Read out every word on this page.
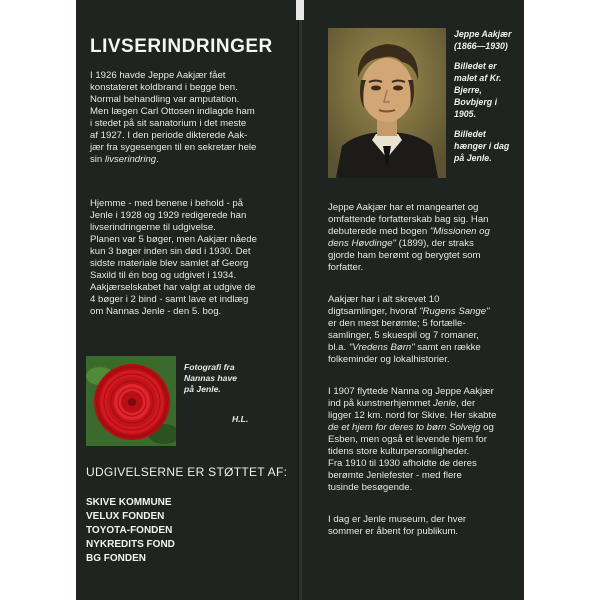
LIVSERINDRINGER
I 1926 havde Jeppe Aakjær fået
konstateret koldbrand i begge ben.
Normal behandling var amputation.
Men lægen Carl Ottosen indlagde ham
i stedet på sit sanatorium i det meste
af 1927. I den periode dikterede Aak-
jær fra sygesengen til en sekretær hele
sin livserindring.
Hjemme - med benene i behold - på
Jenle i 1928 og 1929 redigerede han
livserindringerne til udgivelse.
Planen var 5 bøger, men Aakjær nåede
kun 3 bøger inden sin død i 1930. Det
sidste materiale blev samlet af Georg
Saxild til én bog og udgivet i 1934.
Aakjærselskabet har valgt at udgive de
4 bøger i 2 bind - samt lave et indlæg
om Nannas Jenle - den 5. bog.
Fotografi fra
Nannas have
på Jenle.
H.L.
UDGIVELSERNE ER STØTTET AF:
SKIVE KOMMUNE
VELUX FONDEN
TOYOTA-FONDEN
NYKREDITS FOND
BG FONDEN
Jeppe Aakjær
(1866—1930)
Billedet er
malet af Kr.
Bjerre,
Bovbjerg i
1905.
Billedet
hænger i dag
på Jenle.
Jeppe Aakjær har et mangeartet og
omfattende forfatterskab bag sig. Han
debuterede med bogen "Missionen og
dens Høvdinge" (1899), der straks
gjorde ham berømt og berygtet som
forfatter.
Aakjær har i alt skrevet 10
digtsamlinger, hvoraf "Rugens Sange"
er den mest berømte; 5 fortælle-
samlinger, 5 skuespil og 7 romaner,
bl.a. "Vredens Børn" samt en række
folkeminder og lokalhistorier.
I 1907 flyttede Nanna og Jeppe Aakjær
ind på kunstnerhjemmet Jenle, der
ligger 12 km. nord for Skive. Her skabte
de et hjem for deres to børn Solvejg og
Esben, men også et levende hjem for
tidens store kulturpersonligheder.
Fra 1910 til 1930 afholdte de deres
berømte Jenlefester - med flere
tusinde besøgende.
I dag er Jenle museum, der hver
sommer er åbent for publikum.
